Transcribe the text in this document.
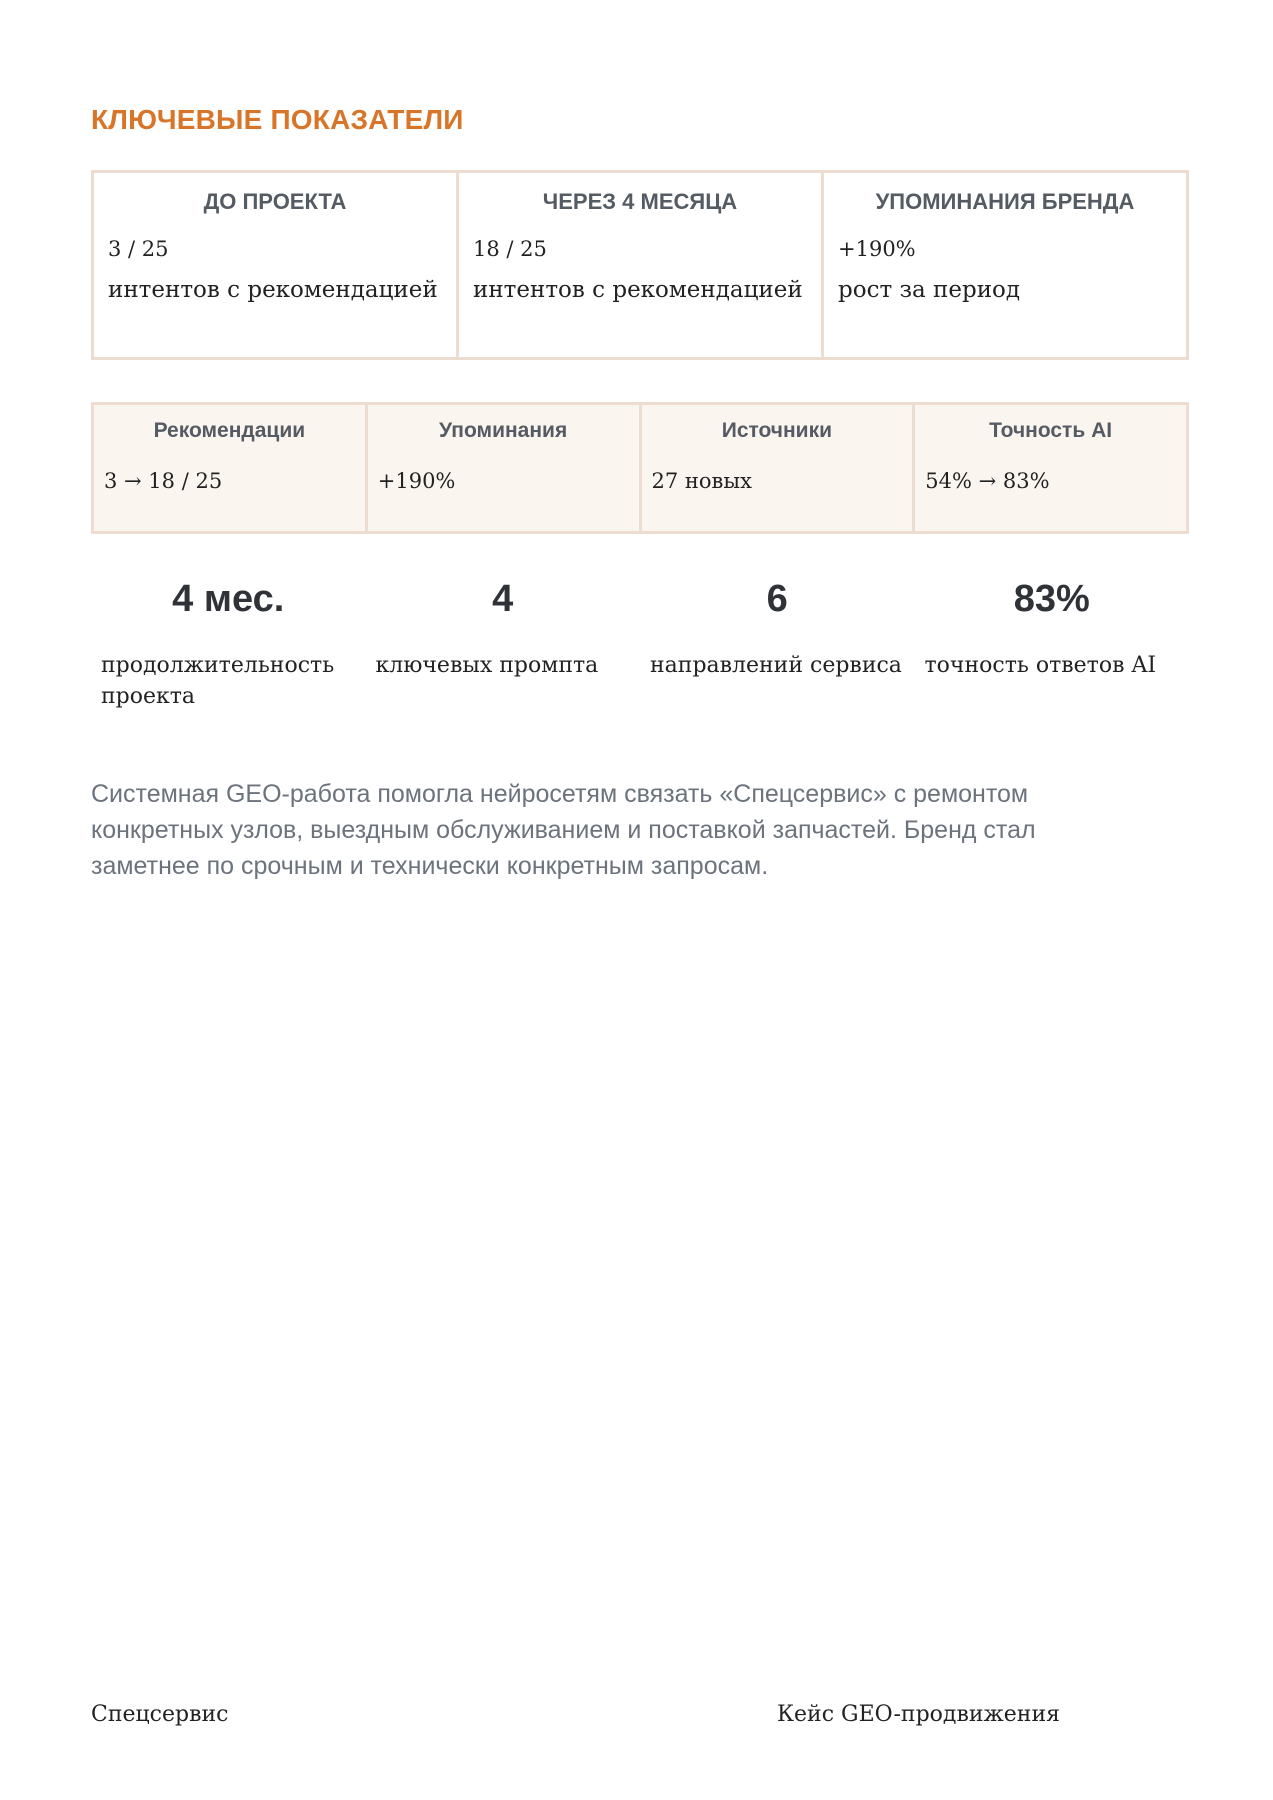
КЛЮЧЕВЫЕ ПОКАЗАТЕЛИ
ДО ПРОЕКТА
3 / 25
интентов с рекомендацией
ЧЕРЕЗ 4 МЕСЯЦА
18 / 25
интентов с рекомендацией
УПОМИНАНИЯ БРЕНДА
+190%
рост за период
Рекомендации
3 → 18 / 25
Упоминания
+190%
Источники
27 новых
Точность AI
54% → 83%
4 мес.
продолжительность проекта
4
ключевых промпта
6
направлений сервиса
83%
точность ответов AI

Системная GEO-работа помогла нейросетям связать «Спецсервис» с ремонтом конкретных узлов, выездным обслуживанием и поставкой запчастей. Бренд стал заметнее по срочным и технически конкретным запросам.

Спецсервис	Кейс GEO-продвижения
